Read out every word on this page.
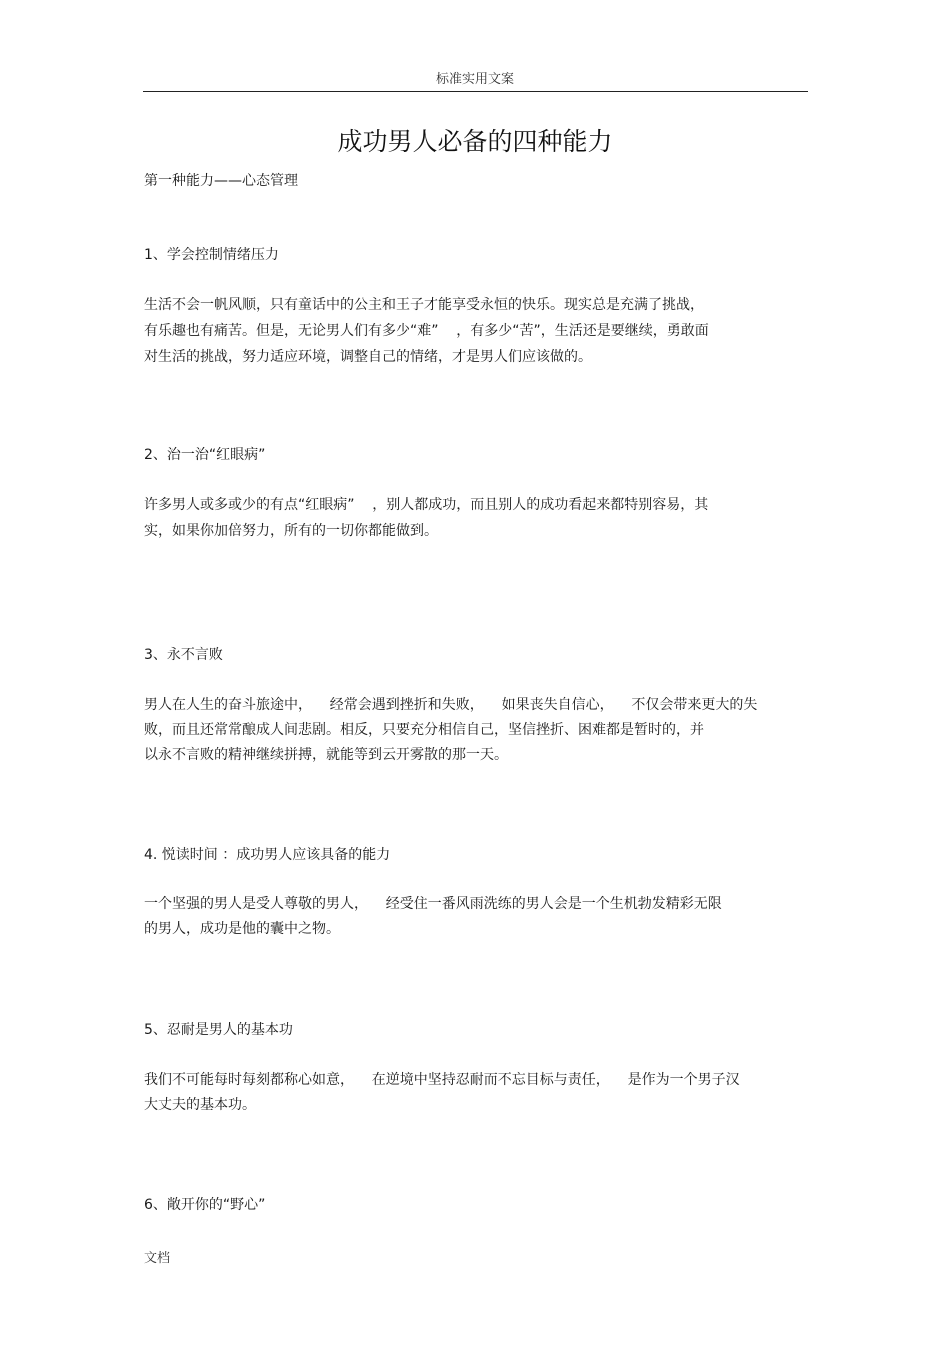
标准实用文案
成功男人必备的四种能力
第一种能力——心态管理
1、学会控制情绪压力
生活不会一帆风顺，只有童话中的公主和王子才能享受永恒的快乐。现实总是充满了挑战，
有乐趣也有痛苦。但是，无论男人们有多少“难”    ，有多少“苦”，生活还是要继续，勇敢面
对生活的挑战，努力适应环境，调整自己的情绪，才是男人们应该做的。
2、治一治“红眼病”
许多男人或多或少的有点“红眼病”    ，别人都成功，而且别人的成功看起来都特别容易，其
实，如果你加倍努力，所有的一切你都能做到。
3、永不言败
男人在人生的奋斗旅途中，    经常会遇到挫折和失败，    如果丧失自信心，    不仅会带来更大的失
败，而且还常常酿成人间悲剧。相反，只要充分相信自己，坚信挫折、困难都是暂时的，并
以永不言败的精神继续拼搏，就能等到云开雾散的那一天。
4. 悦读时间 ：成功男人应该具备的能力
一个坚强的男人是受人尊敬的男人，    经受住一番风雨洗练的男人会是一个生机勃发精彩无限
的男人，成功是他的囊中之物。
5、忍耐是男人的基本功
我们不可能每时每刻都称心如意，    在逆境中坚持忍耐而不忘目标与责任，    是作为一个男子汉
大丈夫的基本功。
6、敞开你的“野心”
文档
